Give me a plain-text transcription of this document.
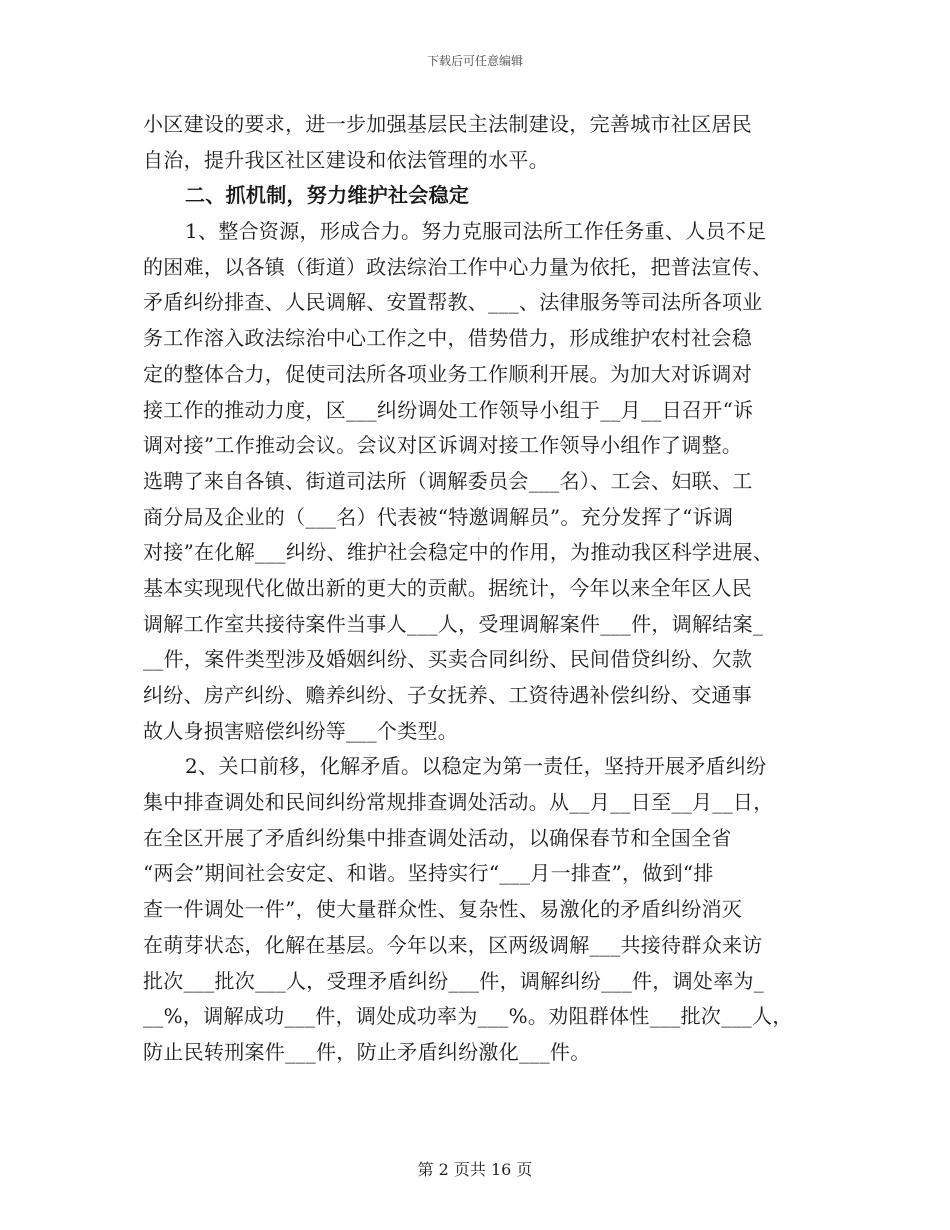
下载后可任意编辑
小区建设的要求，进一步加强基层民主法制建设，完善城市社区居民
自治，提升我区社区建设和依法管理的水平。
二、抓机制，努力维护社会稳定
1、整合资源，形成合力。努力克服司法所工作任务重、人员不足
的困难，以各镇（街道）政法综治工作中心力量为依托，把普法宣传、
矛盾纠纷排查、人民调解、安置帮教、___、法律服务等司法所各项业
务工作溶入政法综治中心工作之中，借势借力，形成维护农村社会稳
定的整体合力，促使司法所各项业务工作顺利开展。为加大对诉调对
接工作的推动力度，区___纠纷调处工作领导小组于__月__日召开“诉
调对接”工作推动会议。会议对区诉调对接工作领导小组作了调整。
选聘了来自各镇、街道司法所（调解委员会___名）、工会、妇联、工
商分局及企业的（___名）代表被“特邀调解员”。充分发挥了“诉调
对接”在化解___纠纷、维护社会稳定中的作用，为推动我区科学进展、
基本实现现代化做出新的更大的贡献。据统计，今年以来全年区人民
调解工作室共接待案件当事人___人，受理调解案件___件，调解结案_
__件，案件类型涉及婚姻纠纷、买卖合同纠纷、民间借贷纠纷、欠款
纠纷、房产纠纷、赡养纠纷、子女抚养、工资待遇补偿纠纷、交通事
故人身损害赔偿纠纷等___个类型。
2、关口前移，化解矛盾。以稳定为第一责任，坚持开展矛盾纠纷
集中排查调处和民间纠纷常规排查调处活动。从__月__日至__月__日，
在全区开展了矛盾纠纷集中排查调处活动，以确保春节和全国全省
“两会”期间社会安定、和谐。坚持实行“___月一排查”，做到“排
查一件调处一件”，使大量群众性、复杂性、易激化的矛盾纠纷消灭
在萌芽状态，化解在基层。今年以来，区两级调解___共接待群众来访
批次___批次___人，受理矛盾纠纷___件，调解纠纷___件，调处率为_
__%，调解成功___件，调处成功率为___%。劝阻群体性___批次___人，
防止民转刑案件___件，防止矛盾纠纷激化___件。
第 2 页共 16 页
